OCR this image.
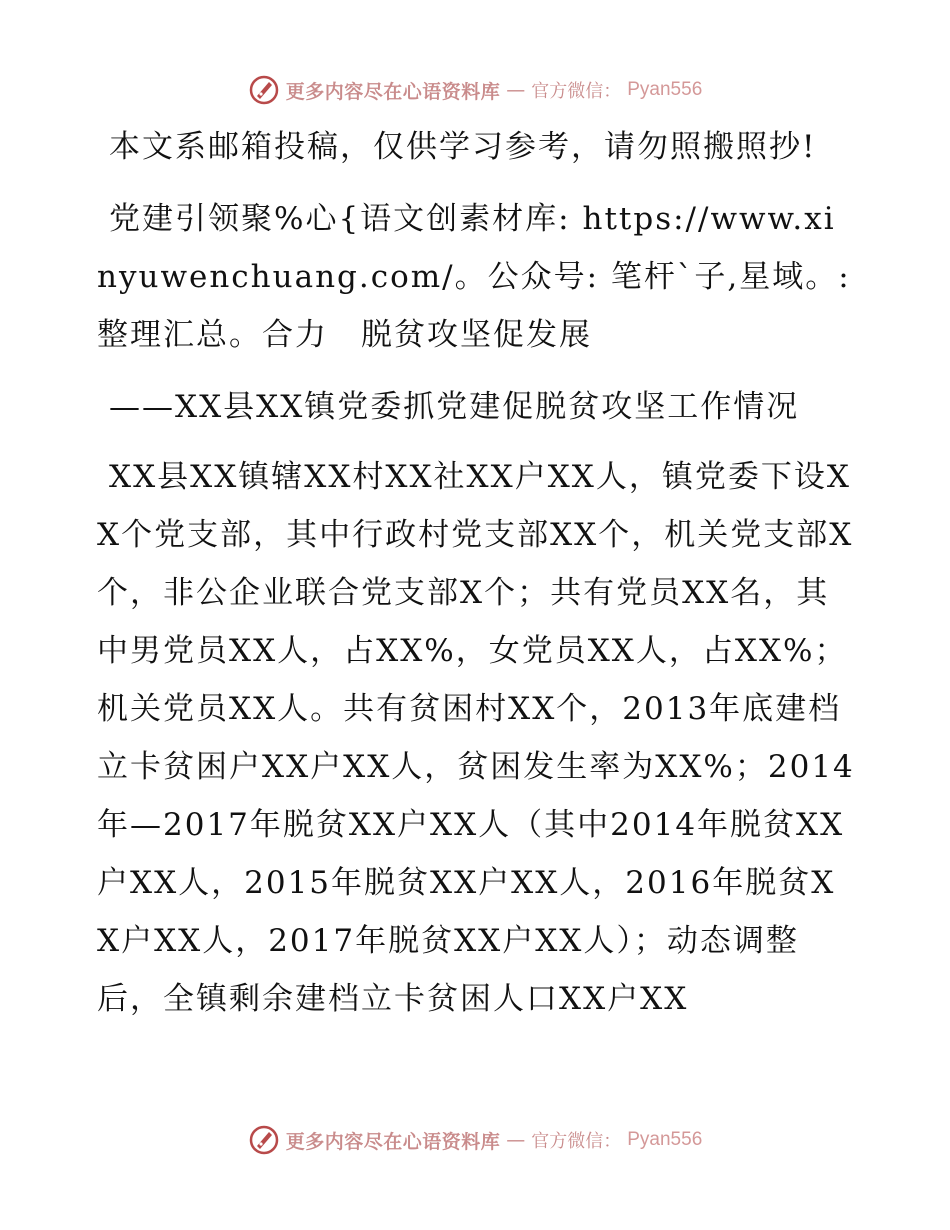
更多内容尽在心语资料库 — 官方微信： Pyan556

本文系邮箱投稿，仅供学习参考，请勿照搬照抄!

党建引领聚%心{语文创素材库: https://www.xinyuwenchuang.com/。公众号: 笔杆`子,星域。:整理汇总。合力　脱贫攻坚促发展

——XX县XX镇党委抓党建促脱贫攻坚工作情况

XX县XX镇辖XX村XX社XX户XX人，镇党委下设XX个党支部，其中行政村党支部XX个，机关党支部X个，非公企业联合党支部X个；共有党员XX名，其中男党员XX人，占XX%，女党员XX人，占XX%；机关党员XX人。共有贫困村XX个，2013年底建档立卡贫困户XX户XX人，贫困发生率为XX%；2014年—2017年脱贫XX户XX人（其中2014年脱贫XX户XX人，2015年脱贫XX户XX人，2016年脱贫XX户XX人，2017年脱贫XX户XX人）；动态调整后，全镇剩余建档立卡贫困人口XX户XX

更多内容尽在心语资料库 — 官方微信： Pyan556
